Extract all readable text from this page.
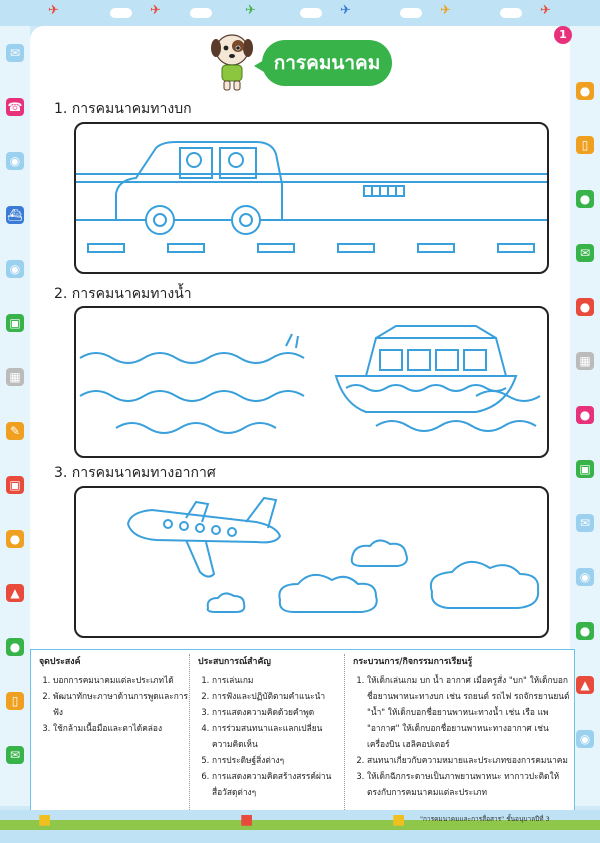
✈	✈	✈	✈	✈	✈
✉
☎
◉
⛴
◉
▣
▦
✎
▣
●
▲
●
▯
✉
●
▯
●
✉
●
▦
●
▣
✉
◉
●
▲
◉
1
การคมนาคม
1. การคมนาคมทางบก
2. การคมนาคมทางน้ำ
3. การคมนาคมทางอากาศ
จุดประสงค์
1. บอกการคมนาคมแต่ละประเภทได้
2. พัฒนาทักษะภาษาด้านการพูดและการฟัง
3. ใช้กล้ามเนื้อมือและตาได้คล่อง
ประสบการณ์สำคัญ
1. การเล่นเกม
2. การฟังและปฏิบัติตามคำแนะนำ
3. การแสดงความคิดด้วยคำพูด
4. การร่วมสนทนาและแลกเปลี่ยนความคิดเห็น
5. การประดิษฐ์สิ่งต่างๆ
6. การแสดงความคิดสร้างสรรค์ผ่านสื่อวัสดุต่างๆ
กระบวนการ/กิจกรรมการเรียนรู้
1. ให้เด็กเล่นเกม บก น้ำ อากาศ เมื่อครูสั่ง "บก" ให้เด็กบอกชื่อยานพาหนะทางบก เช่น รถยนต์ รถไฟ รถจักรยานยนต์ "น้ำ" ให้เด็กบอกชื่อยานพาหนะทางน้ำ เช่น เรือ แพ "อากาศ" ให้เด็กบอกชื่อยานพาหนะทางอากาศ เช่น เครื่องบิน เฮลิคอปเตอร์
2. สนทนาเกี่ยวกับความหมายและประเภทของการคมนาคม
3. ให้เด็กฉีกกระดาษเป็นภาพยานพาหนะ ทากาวปะติดให้ตรงกับการคมนาคมแต่ละประเภท
■	■	■ "การคมนาคมและการสื่อสาร" ชั้นอนุบาลปีที่ 3
